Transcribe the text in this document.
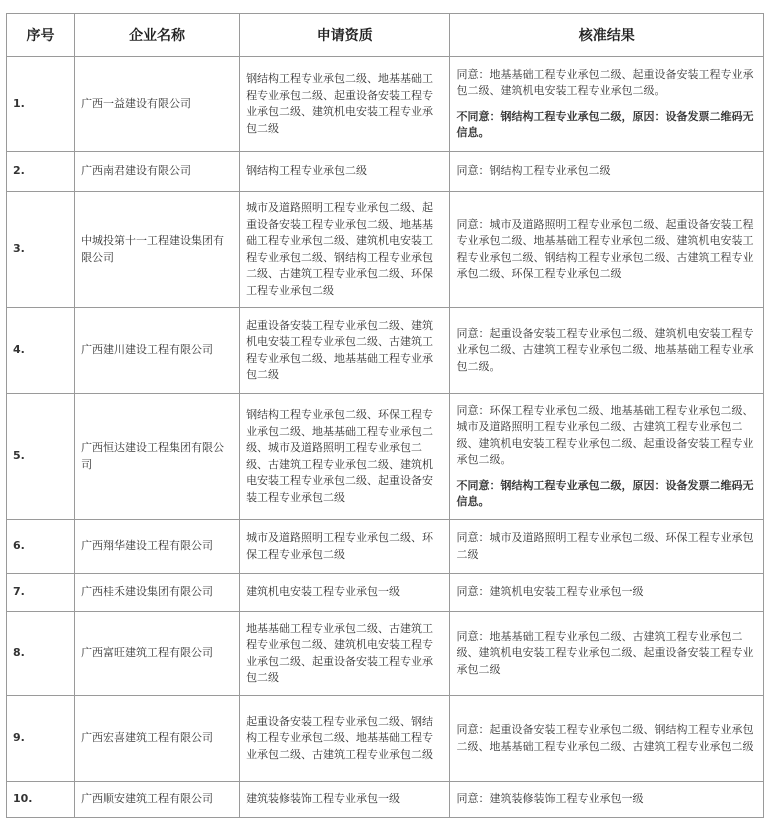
序号	企业名称	申请资质	核准结果
1.	广西一益建设有限公司	钢结构工程专业承包二级、地基基础工程专业承包二级、起重设备安装工程专业承包二级、建筑机电安装工程专业承包二级	同意：地基基础工程专业承包二级、起重设备安装工程专业承包二级、建筑机电安装工程专业承包二级。
不同意：钢结构工程专业承包二级，原因：设备发票二维码无信息。

2.	广西南君建设有限公司	钢结构工程专业承包二级	同意：钢结构工程专业承包二级

3.	中城投第十一工程建设集团有限公司	城市及道路照明工程专业承包二级、起重设备安装工程专业承包二级、地基基础工程专业承包二级、建筑机电安装工程专业承包二级、钢结构工程专业承包二级、古建筑工程专业承包二级、环保工程专业承包二级	同意：城市及道路照明工程专业承包二级、起重设备安装工程专业承包二级、地基基础工程专业承包二级、建筑机电安装工程专业承包二级、钢结构工程专业承包二级、古建筑工程专业承包二级、环保工程专业承包二级

4.	广西建川建设工程有限公司	起重设备安装工程专业承包二级、建筑机电安装工程专业承包二级、古建筑工程专业承包二级、地基基础工程专业承包二级	同意：起重设备安装工程专业承包二级、建筑机电安装工程专业承包二级、古建筑工程专业承包二级、地基基础工程专业承包二级。

5.	广西恒达建设工程集团有限公司	钢结构工程专业承包二级、环保工程专业承包二级、地基基础工程专业承包二级、城市及道路照明工程专业承包二级、古建筑工程专业承包二级、建筑机电安装工程专业承包二级、起重设备安装工程专业承包二级	同意：环保工程专业承包二级、地基基础工程专业承包二级、城市及道路照明工程专业承包二级、古建筑工程专业承包二级、建筑机电安装工程专业承包二级、起重设备安装工程专业承包二级。
不同意：钢结构工程专业承包二级，原因：设备发票二维码无信息。

6.	广西翔华建设工程有限公司	城市及道路照明工程专业承包二级、环保工程专业承包二级	同意：城市及道路照明工程专业承包二级、环保工程专业承包二级

7.	广西桂禾建设集团有限公司	建筑机电安装工程专业承包一级	同意：建筑机电安装工程专业承包一级

8.	广西富旺建筑工程有限公司	地基基础工程专业承包二级、古建筑工程专业承包二级、建筑机电安装工程专业承包二级、起重设备安装工程专业承包二级	同意：地基基础工程专业承包二级、古建筑工程专业承包二级、建筑机电安装工程专业承包二级、起重设备安装工程专业承包二级

9.	广西宏喜建筑工程有限公司	起重设备安装工程专业承包二级、钢结构工程专业承包二级、地基基础工程专业承包二级、古建筑工程专业承包二级	同意：起重设备安装工程专业承包二级、钢结构工程专业承包二级、地基基础工程专业承包二级、古建筑工程专业承包二级

10.	广西顺安建筑工程有限公司	建筑装修装饰工程专业承包一级	同意：建筑装修装饰工程专业承包一级
